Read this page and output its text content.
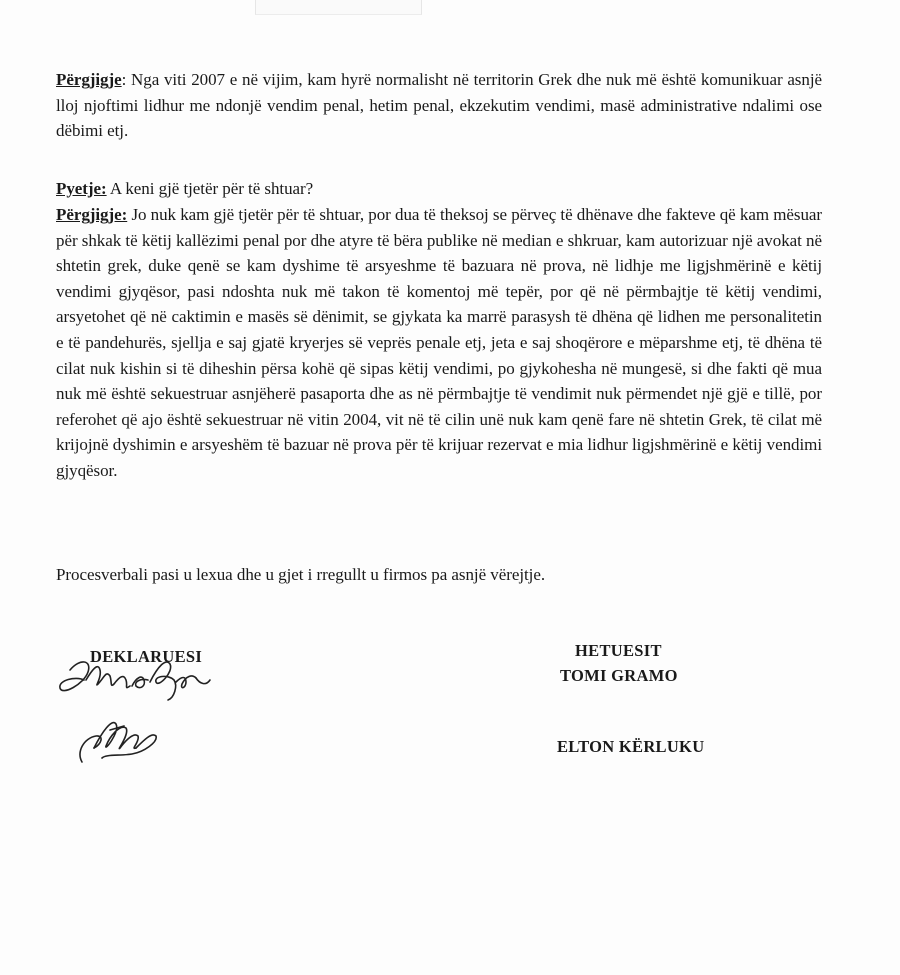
Përgjigje: Nga viti 2007 e në vijim, kam hyrë normalisht në territorin Grek dhe nuk më është komunikuar asnjë lloj njoftimi lidhur me ndonjë vendim penal, hetim penal, ekzekutim vendimi, masë administrative ndalimi ose dëbimi etj.

Pyetje: A keni gjë tjetër për të shtuar?

Përgjigje: Jo nuk kam gjë tjetër për të shtuar, por dua të theksoj se përveç të dhënave dhe fakteve që kam mësuar për shkak të këtij kallëzimi penal por dhe atyre të bëra publike në median e shkruar, kam autorizuar një avokat në shtetin grek, duke qenë se kam dyshime të arsyeshme të bazuara në prova, në lidhje me ligjshmërinë e këtij vendimi gjyqësor, pasi ndoshta nuk më takon të komentoj më tepër, por që në përmbajtje të këtij vendimi, arsyetohet që në caktimin e masës së dënimit, se gjykata ka marrë parasysh të dhëna që lidhen me personalitetin e të pandehurës, sjellja e saj gjatë kryerjes së veprës penale etj, jeta e saj shoqërore e mëparshme etj, të dhëna të cilat nuk kishin si të diheshin përsa kohë që sipas këtij vendimi, po gjykohesha në mungesë, si dhe fakti që mua nuk më është sekuestruar asnjëherë pasaporta dhe as në përmbajtje të vendimit nuk përmendet një gjë e tillë, por referohet që ajo është sekuestruar në vitin 2004, vit në të cilin unë nuk kam qenë fare në shtetin Grek, të cilat më krijojnë dyshimin e arsyeshëm të bazuar në prova për të krijuar rezervat e mia lidhur ligjshmërinë e këtij vendimi gjyqësor.

Procesverbali pasi u lexua dhe u gjet i rregullt u firmos pa asnjë vërejtje.

DEKLARUESI	HETUESIT
TOMI GRAMO
ELTON KËRLUKU
